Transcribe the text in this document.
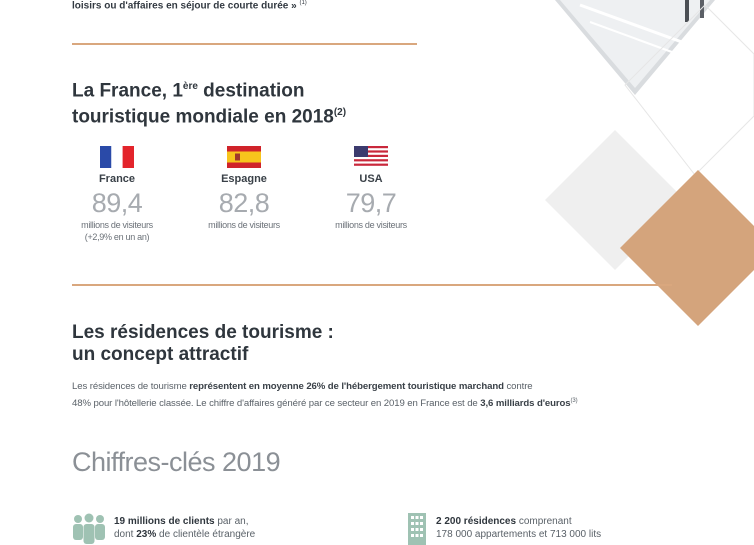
loisirs ou d'affaires en séjour de courte durée » $^{(1)}$
La France, 1ère destination
touristique mondiale en 2018$^{(2)}$
France
89,4
millions de visiteurs
(+2,9% en un an)
Espagne
82,8
millions de visiteurs
USA
79,7
millions de visiteurs
Les résidences de tourisme :
un concept attractif
Les résidences de tourisme représentent en moyenne 26% de l'hébergement touristique marchand contre
48% pour l'hôtellerie classée. Le chiffre d'affaires généré par ce secteur en 2019 en France est de 3,6 milliards d'euros$^{(3)}$
Chiffres-clés 2019
19 millions de clients par an,
dont 23% de clientèle étrangère
2 200 résidences comprenant
178 000 appartements et 713 000 lits
